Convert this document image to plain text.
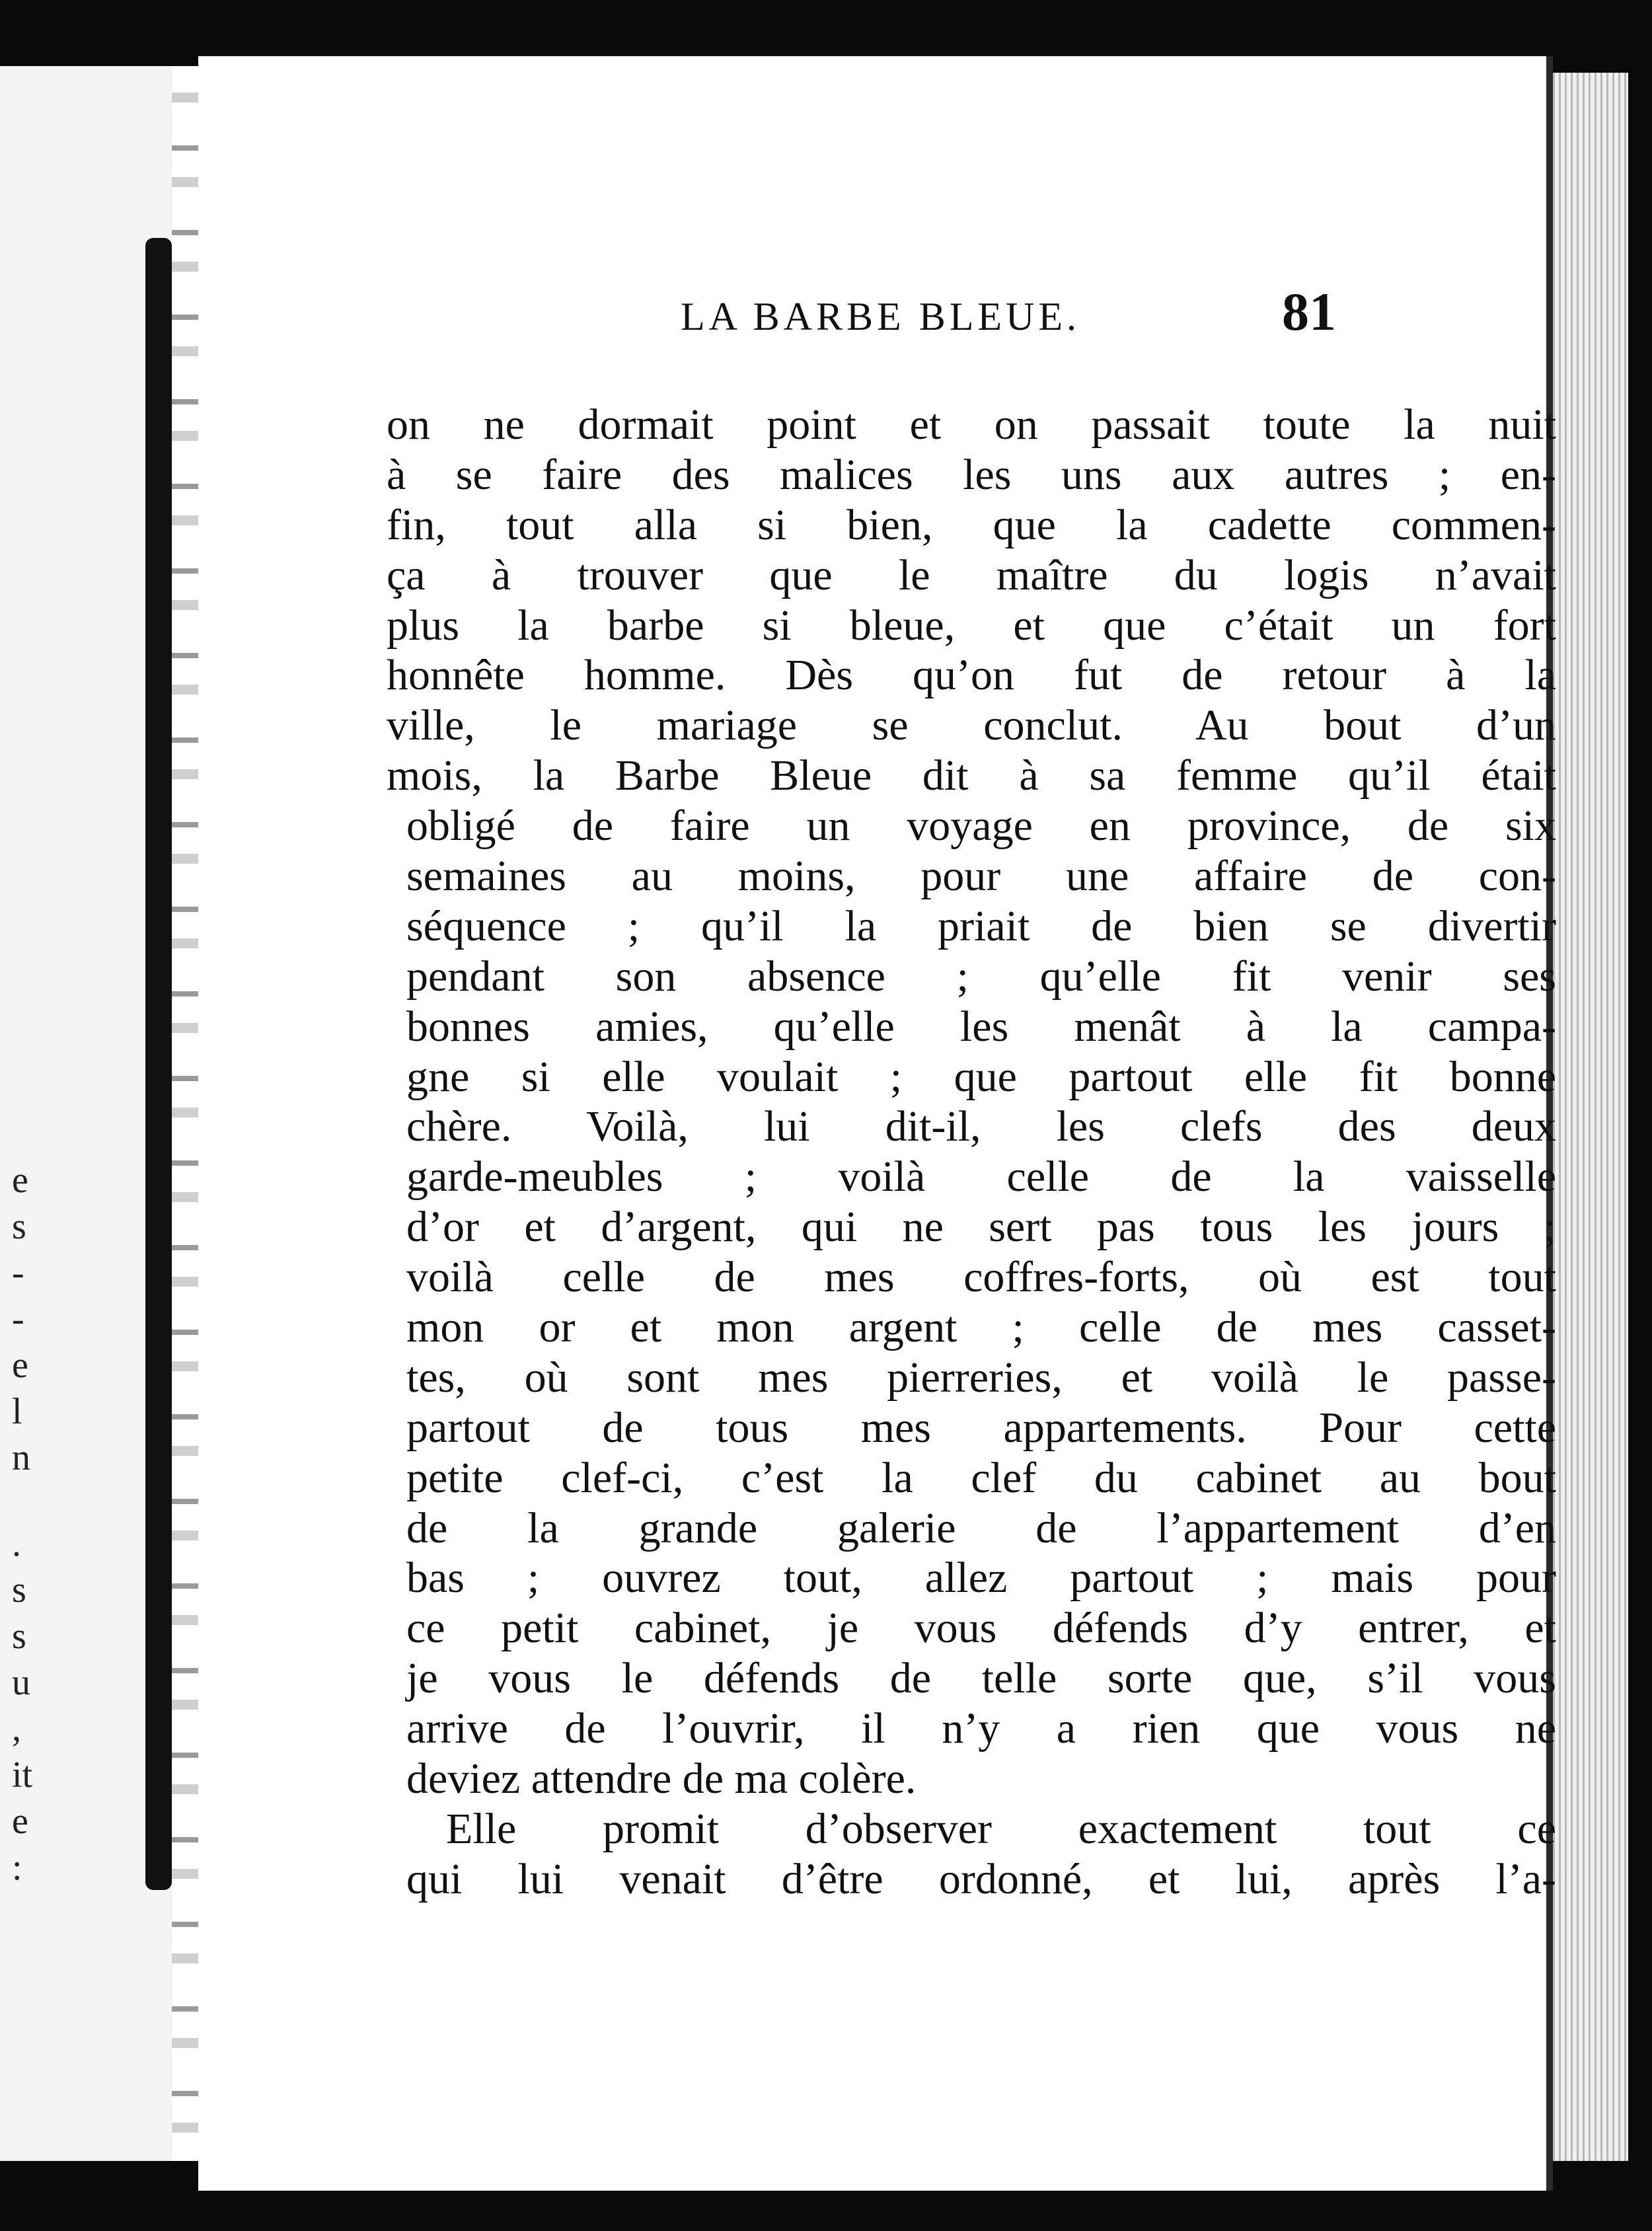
e
s
-
-
e
l
n
.
s
s
u
,
it
e
:
LA BARBE BLEUE.	81
on ne dormait point et on passait toute la nuit
à se faire des malices les uns aux autres ; en-
fin, tout alla si bien, que la cadette commen-
ça à trouver que le maître du logis n’avait
plus la barbe si bleue, et que c’était un fort
honnête homme. Dès qu’on fut de retour à la
ville, le mariage se conclut. Au bout d’un
mois, la Barbe Bleue dit à sa femme qu’il était
obligé de faire un voyage en province, de six
semaines au moins, pour une affaire de con-
séquence ; qu’il la priait de bien se divertir
pendant son absence ; qu’elle fit venir ses
bonnes amies, qu’elle les menât à la campa-
gne si elle voulait ; que partout elle fit bonne
chère. Voilà, lui dit-il, les clefs des deux
garde-meubles ; voilà celle de la vaisselle
d’or et d’argent, qui ne sert pas tous les jours ;
voilà celle de mes coffres-forts, où est tout
mon or et mon argent ; celle de mes casset-
tes, où sont mes pierreries, et voilà le passe-
partout de tous mes appartements. Pour cette
petite clef-ci, c’est la clef du cabinet au bout
de la grande galerie de l’appartement d’en
bas ; ouvrez tout, allez partout ; mais pour
ce petit cabinet, je vous défends d’y entrer, et
je vous le défends de telle sorte que, s’il vous
arrive de l’ouvrir, il n’y a rien que vous ne
deviez attendre de ma colère.
Elle promit d’observer exactement tout ce
qui lui venait d’être ordonné, et lui, après l’a-
